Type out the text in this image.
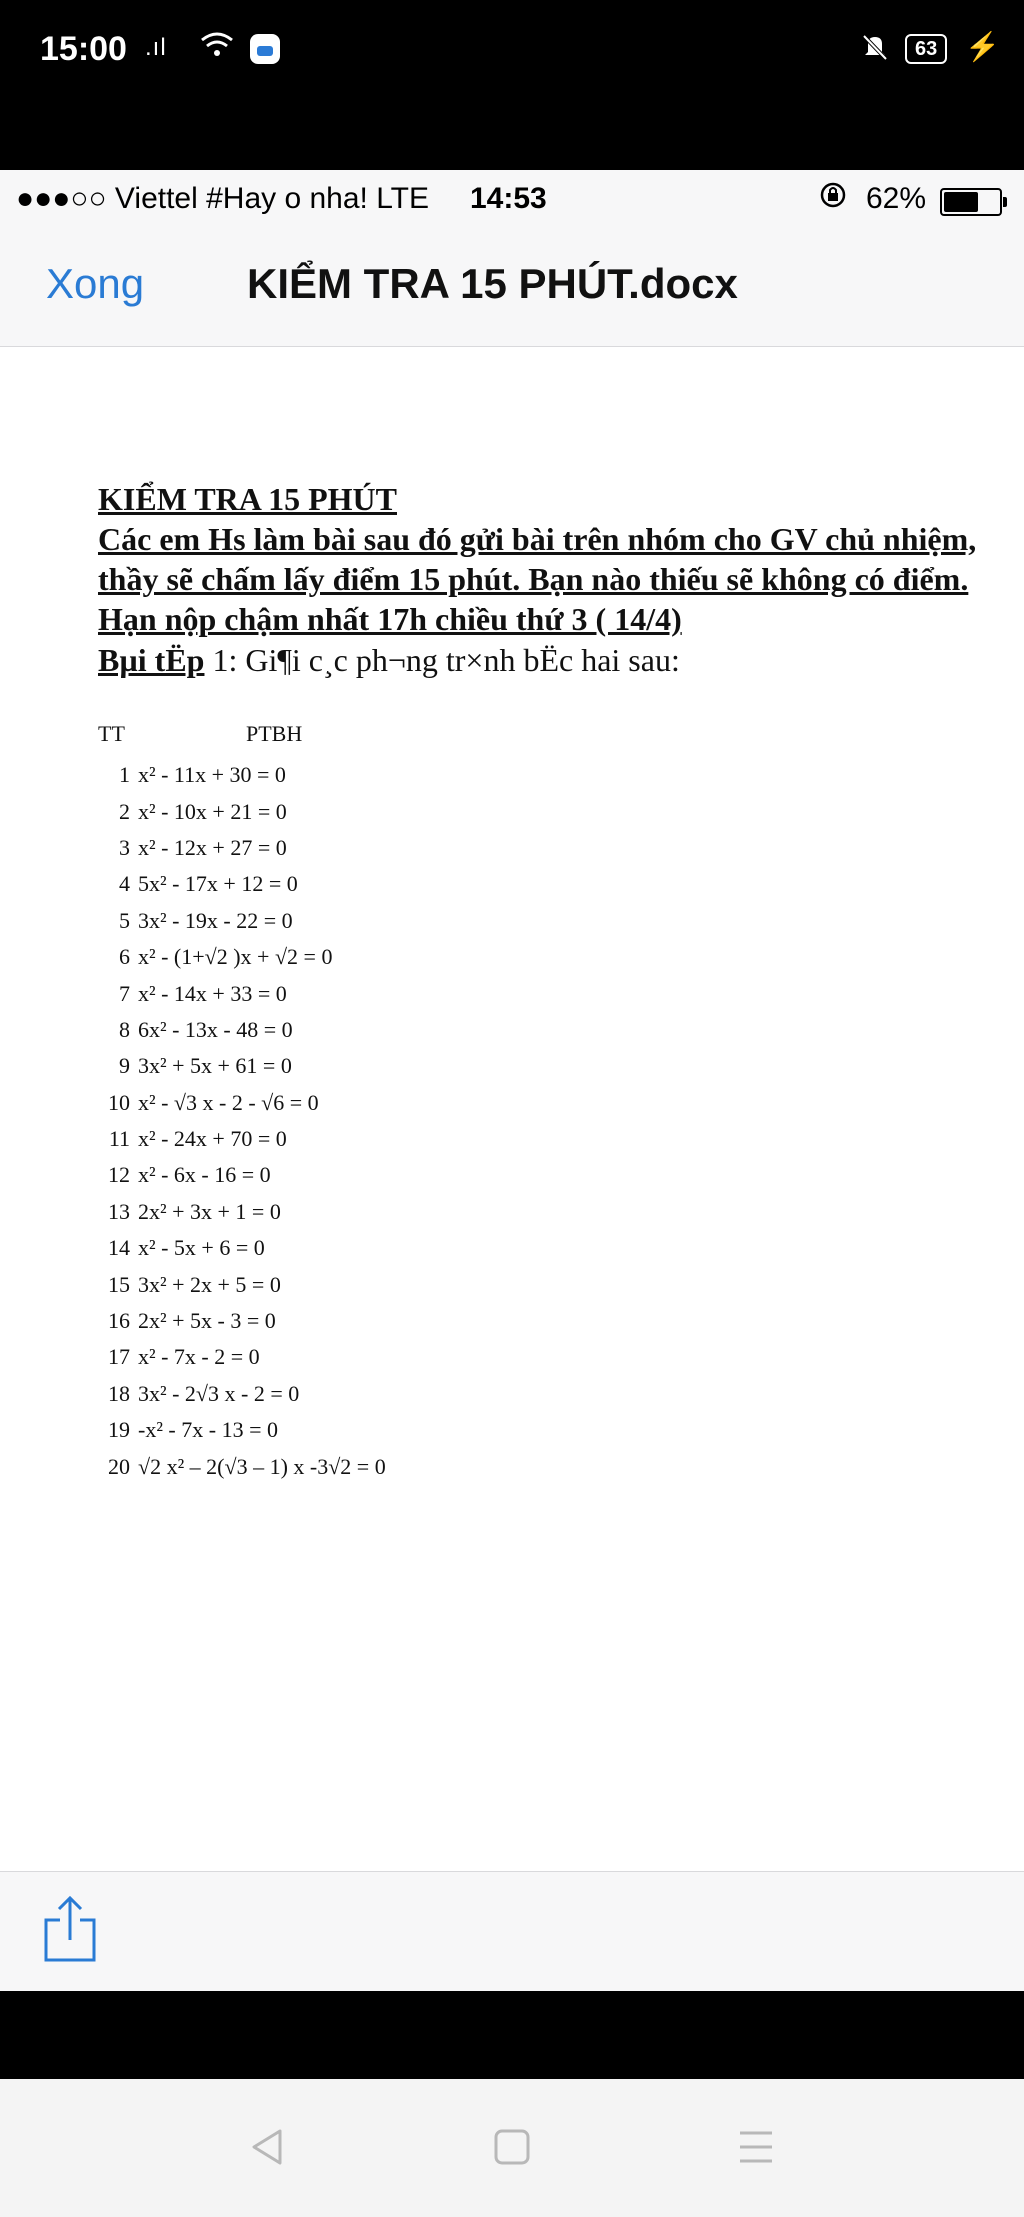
15:00 .ıl	63 ⚡
●●●○○ Viettel #Hay o nha! LTE 14:53	62%
Xong KIỂM TRA 15 PHÚT.docx

KIỂM TRA 15 PHÚT

Các em Hs làm bài sau đó gửi bài trên nhóm cho GV chủ nhiệm, thầy sẽ chấm lấy điểm 15 phút. Bạn nào thiếu sẽ không có điểm. Hạn nộp chậm nhất 17h chiều thứ 3 ( 14/4)

Bµi tËp 1: Gi¶i c¸c ph¬ng tr×nh bËc hai sau:

TT	PTBH
1 x² - 11x + 30 = 0
2 x² - 10x + 21 = 0
3 x² - 12x + 27 = 0
4 5x² - 17x + 12 = 0
5 3x² - 19x - 22 = 0
6 x² - (1+√2 )x + √2 = 0
7 x² - 14x + 33 = 0
8 6x² - 13x - 48 = 0
9 3x² + 5x + 61 = 0
10 x² - √3 x - 2 - √6 = 0
11 x² - 24x + 70 = 0
12 x² - 6x - 16 = 0
13 2x² + 3x + 1 = 0
14 x² - 5x + 6 = 0
15 3x² + 2x + 5 = 0
16 2x² + 5x - 3 = 0
17 x² - 7x - 2 = 0
18 3x² - 2√3 x - 2 = 0
19 -x² - 7x - 13 = 0
20 √2 x² – 2(√3 – 1) x -3√2 = 0
